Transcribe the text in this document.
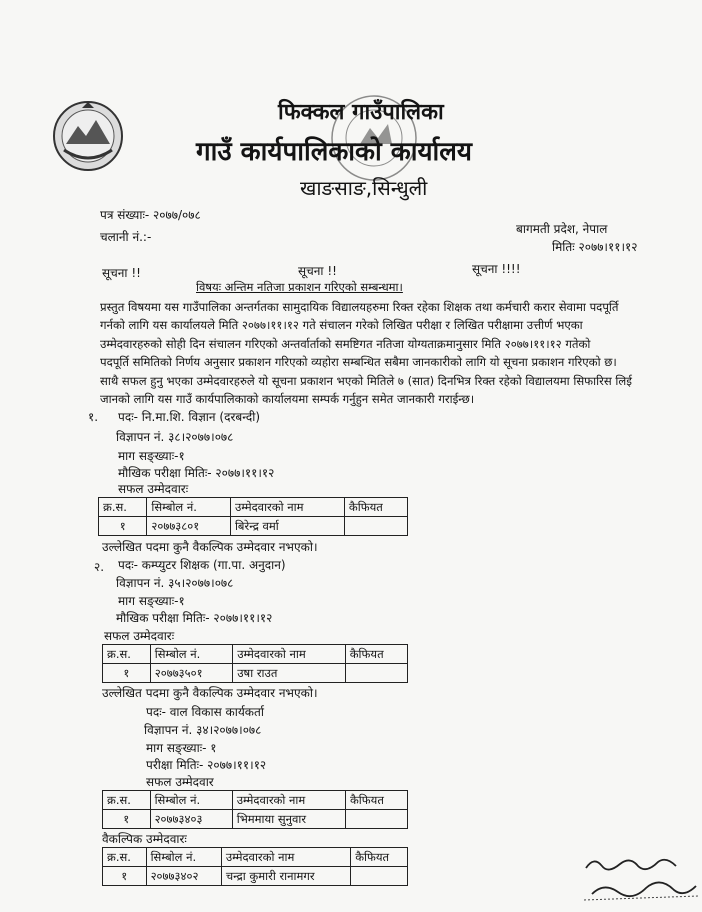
फिक्कल गाउँपालिका
गाउँ कार्यपालिकाको कार्यालय
खाङसाङ,सिन्धुली
पत्र संख्याः- २०७७/०७८
चलानी नं.:-
बागमती प्रदेश, नेपाल
मितिः २०७७।११।१२
सूचना !!	सूचना !!	सूचना !!!!
विषयः अन्तिम नतिजा प्रकाशन गरिएको सम्बन्धमा।
प्रस्तुत विषयमा यस गाउँपालिका अन्तर्गतका सामुदायिक विद्यालयहरुमा रिक्त रहेका शिक्षक तथा कर्मचारी करार सेवामा पदपूर्ति
गर्नको लागि यस कार्यालयले मिति २०७७।११।१२ गते संचालन गरेको लिखित परीक्षा र लिखित परीक्षामा उत्तीर्ण भएका
उम्मेदवारहरुको सोही दिन संचालन गरिएको अन्तर्वार्ताको समष्टिगत नतिजा योग्यताक्रमानुसार मिति २०७७।११।१२ गतेको
पदपूर्ति समितिको निर्णय अनुसार प्रकाशन गरिएको व्यहोरा सम्बन्धित सबैमा जानकारीको लागि यो सूचना प्रकाशन गरिएको छ।
साथै सफल हुनु भएका उम्मेदवारहरुले यो सूचना प्रकाशन भएको मितिले ७ (सात) दिनभित्र रिक्त रहेको विद्यालयमा सिफारिस लिई
जानको लागि यस गाउँ कार्यपालिकाको कार्यालयमा सम्पर्क गर्नुहुन समेत जानकारी गराईन्छ।
१. पदः- नि.मा.शि. विज्ञान (दरबन्दी)
विज्ञापन नं. ३८।२०७७।०७८
माग सङ्ख्याः-१
मौखिक परीक्षा मितिः- २०७७।११।१२
सफल उम्मेदवारः
क्र.स.	सिम्बोल नं.	उम्मेदवारको नाम	कैफियत
१	२०७७३८०१	बिरेन्द्र वर्मा	
उल्लेखित पदमा कुनै वैकल्पिक उम्मेदवार नभएको।
२. पदः- कम्प्युटर शिक्षक (गा.पा. अनुदान)
विज्ञापन नं. ३५।२०७७।०७८
माग सङ्ख्याः-१
मौखिक परीक्षा मितिः- २०७७।११।१२
सफल उम्मेदवारः
क्र.स.	सिम्बोल नं.	उम्मेदवारको नाम	कैफियत
१	२०७७३५०१	उषा राउत	
उल्लेखित पदमा कुनै वैकल्पिक उम्मेदवार नभएको।
पदः- वाल विकास कार्यकर्ता
विज्ञापन नं. ३४।२०७७।०७८
माग सङ्ख्याः- १
परीक्षा मितिः- २०७७।११।१२
सफल उम्मेदवार
क्र.स.	सिम्बोल नं.	उम्मेदवारको नाम	कैफियत
१	२०७७३४०३	भिममाया सुनुवार	
वैकल्पिक उम्मेदवारः
क्र.स.	सिम्बोल नं.	उम्मेदवारको नाम	कैफियत
१	२०७७३४०२	चन्द्रा कुमारी रानामगर	
